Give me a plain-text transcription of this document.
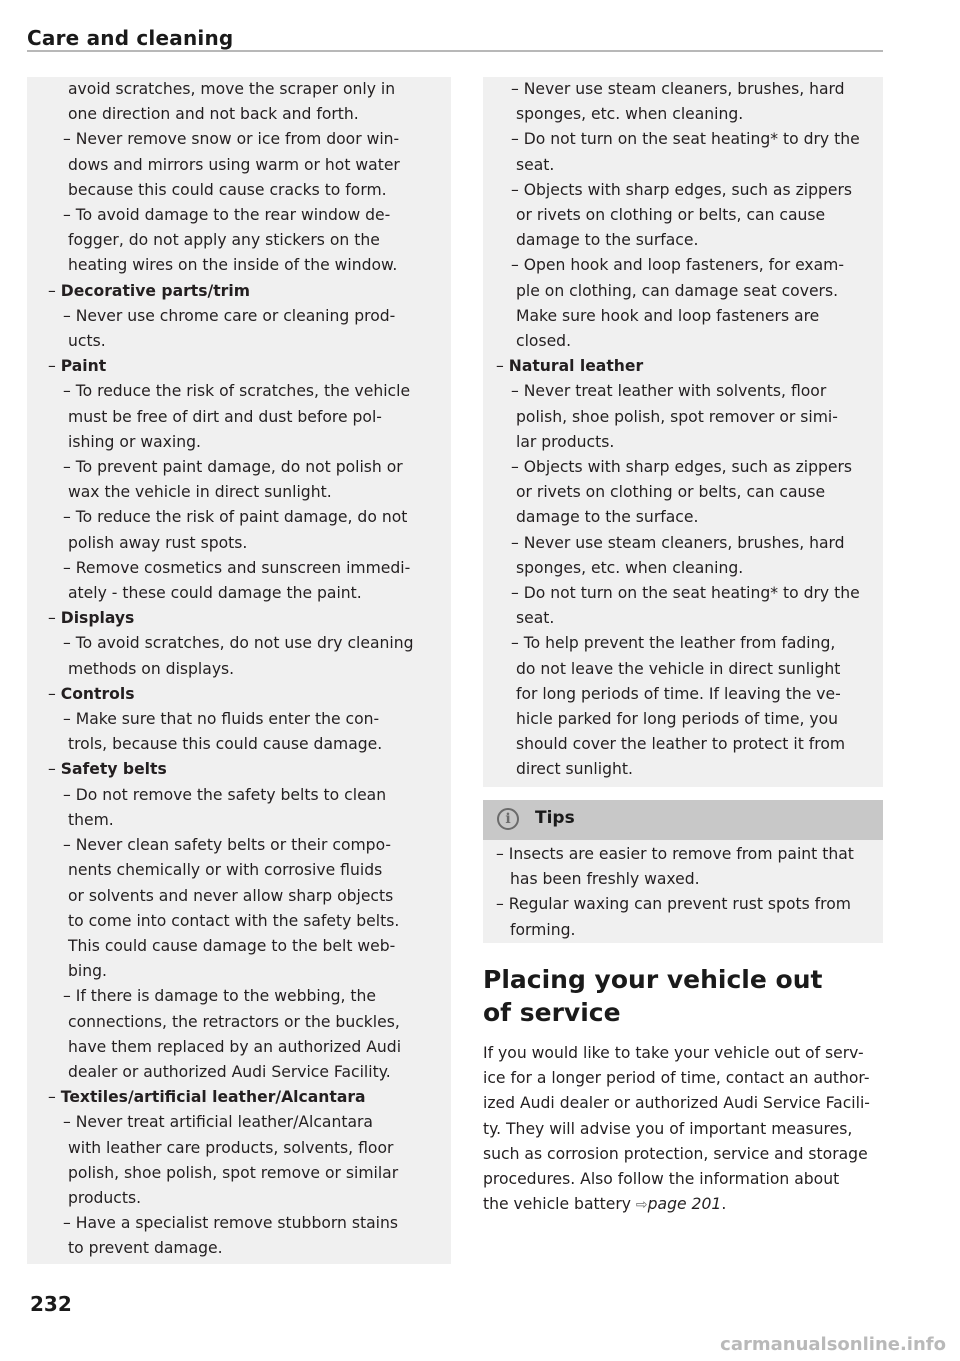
Care and cleaning
avoid scratches, move the scraper only in
one direction and not back and forth.
– Never remove snow or ice from door win-
dows and mirrors using warm or hot water
because this could cause cracks to form.
– To avoid damage to the rear window de-
fogger, do not apply any stickers on the
heating wires on the inside of the window.
– Decorative parts/trim
– Never use chrome care or cleaning prod-
ucts.
– Paint
– To reduce the risk of scratches, the vehicle
must be free of dirt and dust before pol-
ishing or waxing.
– To prevent paint damage, do not polish or
wax the vehicle in direct sunlight.
– To reduce the risk of paint damage, do not
polish away rust spots.
– Remove cosmetics and sunscreen immedi-
ately - these could damage the paint.
– Displays
– To avoid scratches, do not use dry cleaning
methods on displays.
– Controls
– Make sure that no fluids enter the con-
trols, because this could cause damage.
– Safety belts
– Do not remove the safety belts to clean
them.
– Never clean safety belts or their compo-
nents chemically or with corrosive fluids
or solvents and never allow sharp objects
to come into contact with the safety belts.
This could cause damage to the belt web-
bing.
– If there is damage to the webbing, the
connections, the retractors or the buckles,
have them replaced by an authorized Audi
dealer or authorized Audi Service Facility.
– Textiles/artificial leather/Alcantara
– Never treat artificial leather/Alcantara
with leather care products, solvents, floor
polish, shoe polish, spot remove or similar
products.
– Have a specialist remove stubborn stains
to prevent damage.
– Never use steam cleaners, brushes, hard
sponges, etc. when cleaning.
– Do not turn on the seat heating* to dry the
seat.
– Objects with sharp edges, such as zippers
or rivets on clothing or belts, can cause
damage to the surface.
– Open hook and loop fasteners, for exam-
ple on clothing, can damage seat covers.
Make sure hook and loop fasteners are
closed.
– Natural leather
– Never treat leather with solvents, floor
polish, shoe polish, spot remover or simi-
lar products.
– Objects with sharp edges, such as zippers
or rivets on clothing or belts, can cause
damage to the surface.
– Never use steam cleaners, brushes, hard
sponges, etc. when cleaning.
– Do not turn on the seat heating* to dry the
seat.
– To help prevent the leather from fading,
do not leave the vehicle in direct sunlight
for long periods of time. If leaving the ve-
hicle parked for long periods of time, you
should cover the leather to protect it from
direct sunlight.
i	Tips
– Insects are easier to remove from paint that
has been freshly waxed.
– Regular waxing can prevent rust spots from
forming.
Placing your vehicle out
of service
If you would like to take your vehicle out of serv-
ice for a longer period of time, contact an author-
ized Audi dealer or authorized Audi Service Facili-
ty. They will advise you of important measures,
such as corrosion protection, service and storage
procedures. Also follow the information about
the vehicle battery ⇨page 201.
232
carmanualsonline.info
